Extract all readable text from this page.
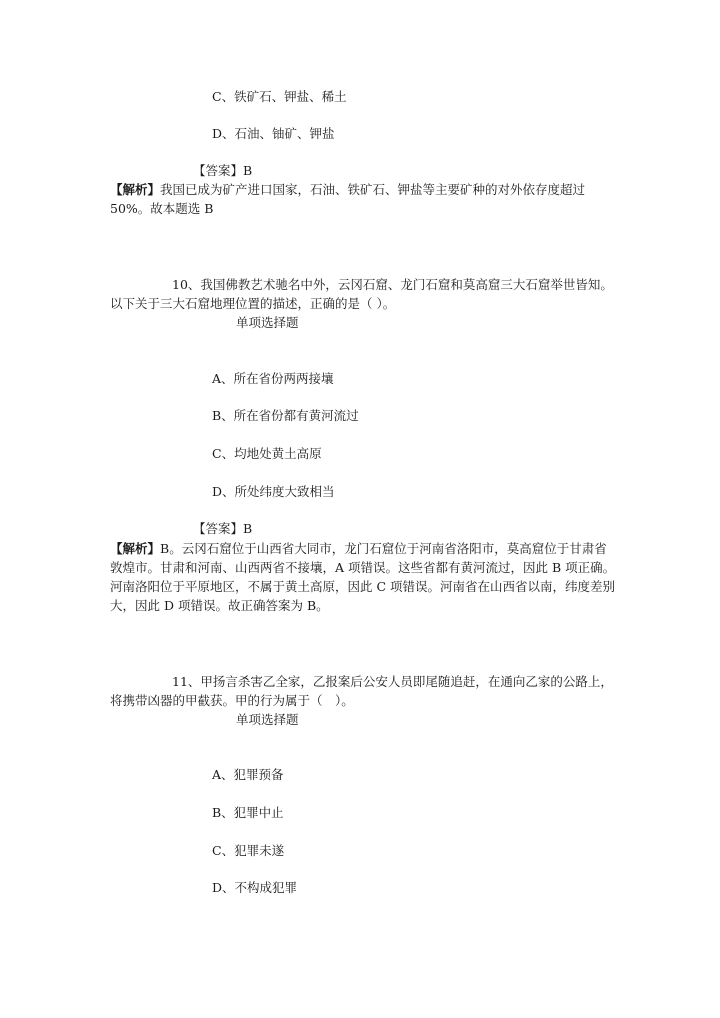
C、铁矿石、钾盐、稀土
D、石油、铀矿、钾盐
【答案】B
【解析】我国已成为矿产进口国家，石油、铁矿石、钾盐等主要矿种的对外依存度超过
50%。故本题选 B
10、我国佛教艺术驰名中外，云冈石窟、龙门石窟和莫高窟三大石窟举世皆知。
以下关于三大石窟地理位置的描述，正确的是（ ）。
单项选择题
A、所在省份两两接壤
B、所在省份都有黄河流过
C、均地处黄土高原
D、所处纬度大致相当
【答案】B
【解析】B。云冈石窟位于山西省大同市，龙门石窟位于河南省洛阳市，莫高窟位于甘肃省
敦煌市。甘肃和河南、山西两省不接壤，A 项错误。这些省都有黄河流过，因此 B 项正确。
河南洛阳位于平原地区，不属于黄土高原，因此 C 项错误。河南省在山西省以南，纬度差别
大，因此 D 项错误。故正确答案为 B。
11、甲扬言杀害乙全家，乙报案后公安人员即尾随追赶，在通向乙家的公路上，
将携带凶器的甲截获。甲的行为属于（　）。
单项选择题
A、犯罪预备
B、犯罪中止
C、犯罪未遂
D、不构成犯罪
